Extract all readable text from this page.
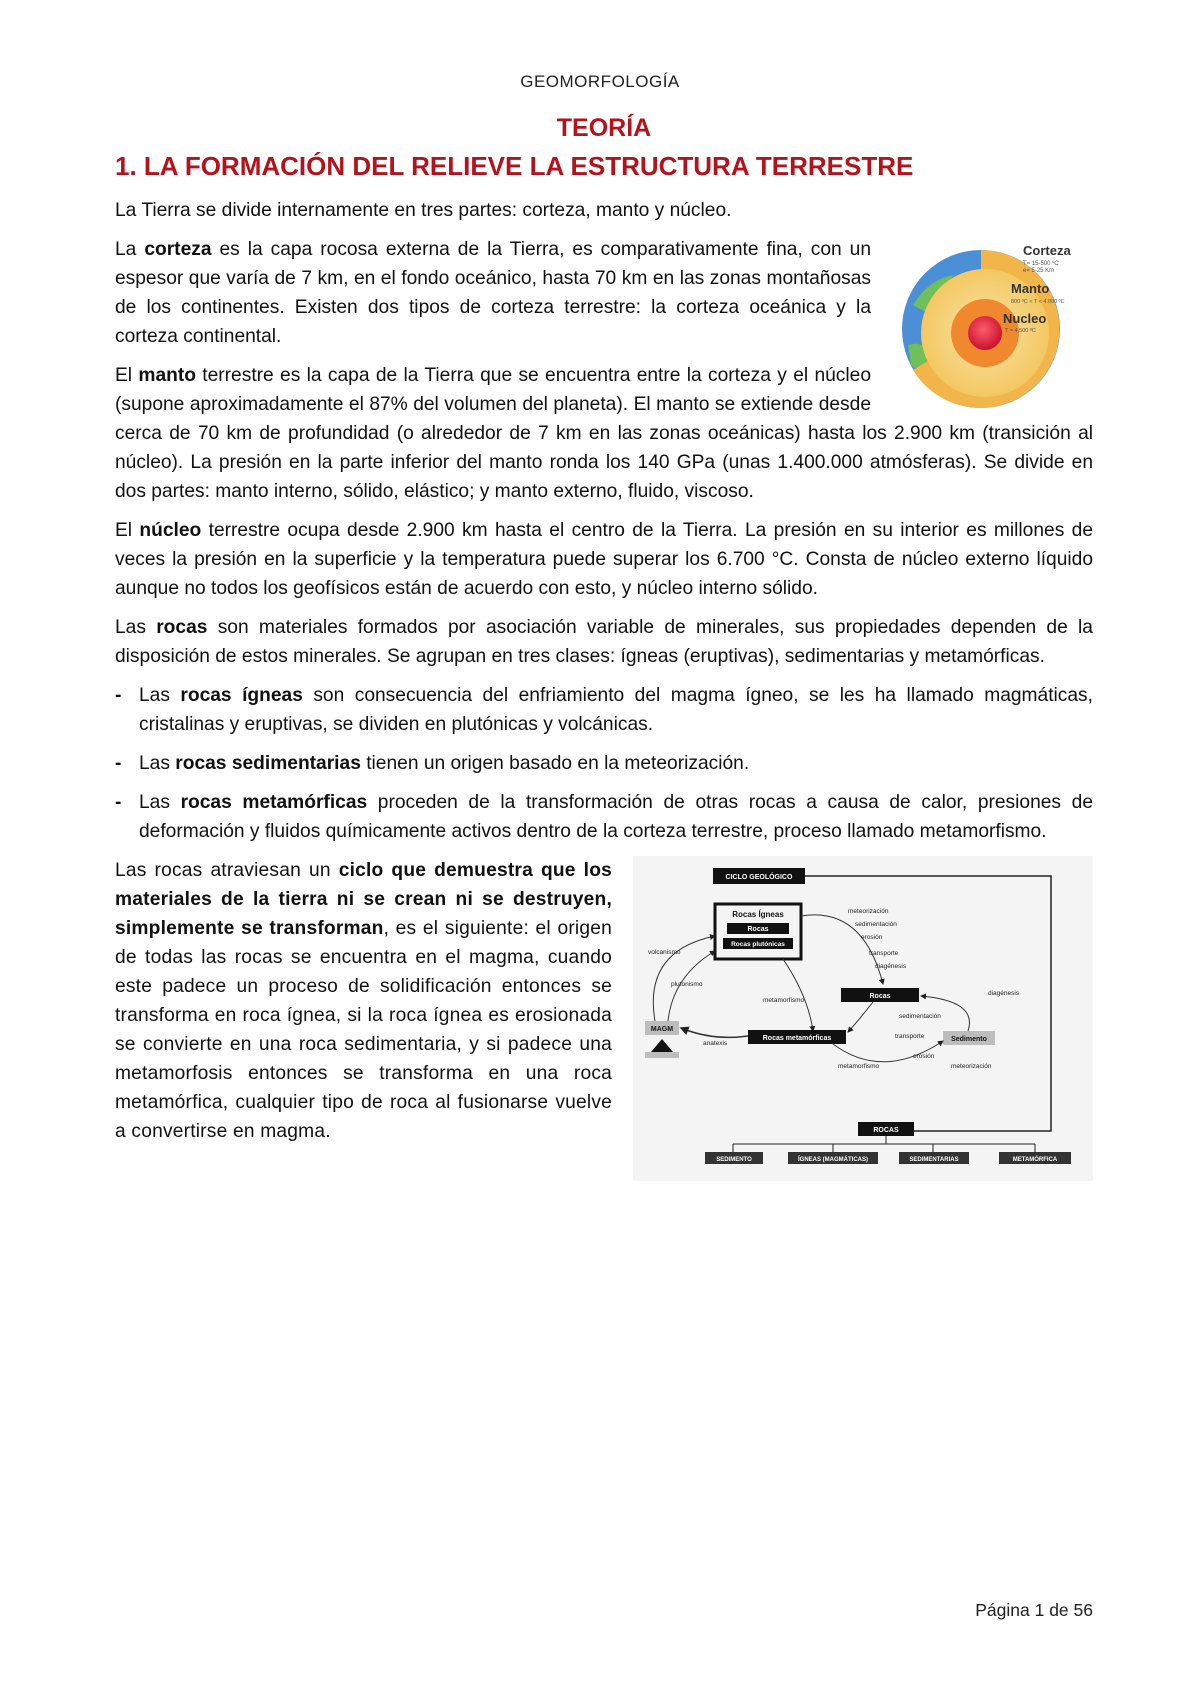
GEOMORFOLOGÍA
TEORÍA
1. LA FORMACIÓN DEL RELIEVE LA ESTRUCTURA TERRESTRE

La Tierra se divide internamente en tres partes: corteza, manto y núcleo.

Corteza
T= 15-500 ºC
e= 5-25 Km
Manto
800 ºC < T < 4.000 ºC
Nucleo
T = 4.500 ºC

La corteza es la capa rocosa externa de la Tierra, es comparativamente fina, con un espesor que varía de 7 km, en el fondo oceánico, hasta 70 km en las zonas montañosas de los continentes. Existen dos tipos de corteza terrestre: la corteza oceánica y la corteza continental.

El manto terrestre es la capa de la Tierra que se encuentra entre la corteza y el núcleo (supone aproximadamente el 87% del volumen del planeta). El manto se extiende desde cerca de 70 km de profundidad (o alrededor de 7 km en las zonas oceánicas) hasta los 2.900 km (transición al núcleo). La presión en la parte inferior del manto ronda los 140 GPa (unas 1.400.000 atmósferas). Se divide en dos partes: manto interno, sólido, elástico; y manto externo, fluido, viscoso.

El núcleo terrestre ocupa desde 2.900 km hasta el centro de la Tierra. La presión en su interior es millones de veces la presión en la superficie y la temperatura puede superar los 6.700 °C. Consta de núcleo externo líquido aunque no todos los geofísicos están de acuerdo con esto, y núcleo interno sólido.

Las rocas son materiales formados por asociación variable de minerales, sus propiedades dependen de la disposición de estos minerales. Se agrupan en tres clases: ígneas (eruptivas), sedimentarias y metamórficas.

- Las rocas ígneas son consecuencia del enfriamiento del magma ígneo, se les ha llamado magmáticas, cristalinas y eruptivas, se dividen en plutónicas y volcánicas.
- Las rocas sedimentarias tienen un origen basado en la meteorización.
- Las rocas metamórficas proceden de la transformación de otras rocas a causa de calor, presiones de deformación y fluidos químicamente activos dentro de la corteza terrestre, proceso llamado metamorfismo.
Las rocas atraviesan un ciclo que demuestra que los materiales de la tierra ni se crean ni se destruyen, simplemente se transforman, es el siguiente: el origen de todas las rocas se encuentra en el magma, cuando este padece un proceso de solidificación entonces se transforma en roca ígnea, si la roca ígnea es erosionada se convierte en una roca sedimentaria, y si padece una metamorfosis entonces se transforma en una roca metamórfica, cualquier tipo de roca al fusionarse vuelve a convertirse en magma.
CICLO GEOLÓGICO
Rocas Ígneas
Rocas
Rocas plutónicas
meteorización
sedimentación
erosión
transporte
diagénesis
volcanismo
plutonismo
metamorfismo
Rocas	diagénesis
sedimentación
transporte	Sedimento
MAGM
anatexis
Rocas metamórficas
erosión
metamorfismo	meteorización
ROCAS
SEDIMENTO	ÍGNEAS (MAGMÁTICAS)	SEDIMENTARIAS	METAMÓRFICA
Página 1 de 56
